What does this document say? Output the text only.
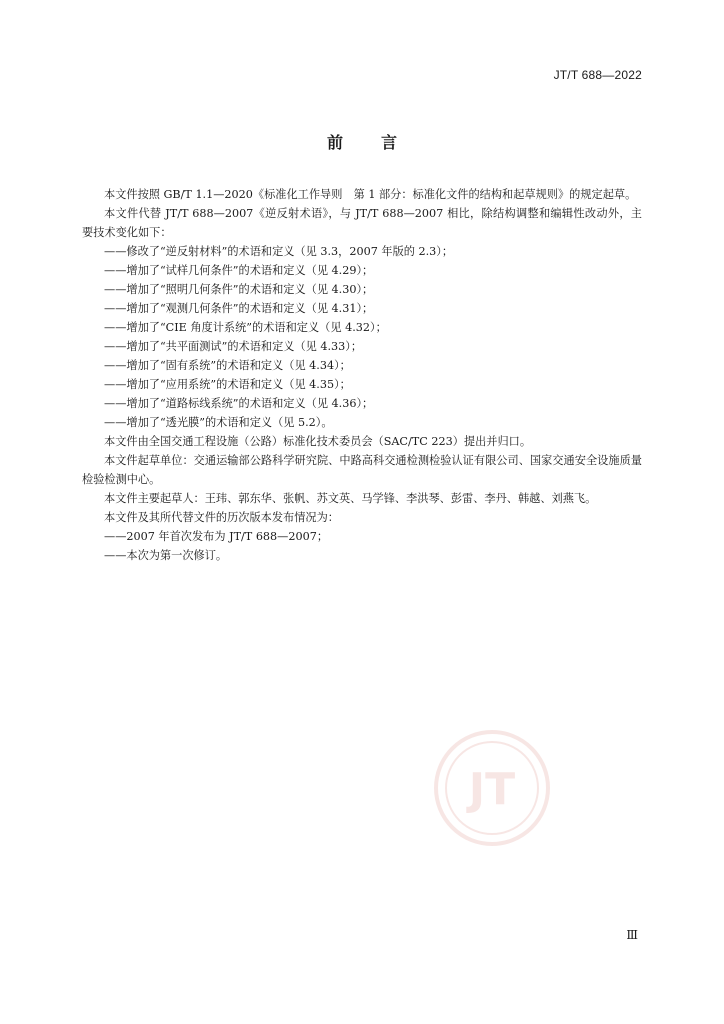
JT/T 688—2022
前 言

本文件按照 GB/T 1.1—2020《标准化工作导则　第 1 部分：标准化文件的结构和起草规则》的规定起草。

本文件代替 JT/T 688—2007《逆反射术语》，与 JT/T 688—2007 相比，除结构调整和编辑性改动外，主要技术变化如下：

——修改了“逆反射材料”的术语和定义（见 3.3，2007 年版的 2.3）；

——增加了“试样几何条件”的术语和定义（见 4.29）；

——增加了“照明几何条件”的术语和定义（见 4.30）；

——增加了“观测几何条件”的术语和定义（见 4.31）；

——增加了“CIE 角度计系统”的术语和定义（见 4.32）；

——增加了“共平面测试”的术语和定义（见 4.33）；

——增加了“固有系统”的术语和定义（见 4.34）；

——增加了“应用系统”的术语和定义（见 4.35）；

——增加了“道路标线系统”的术语和定义（见 4.36）；

——增加了“透光膜”的术语和定义（见 5.2）。

本文件由全国交通工程设施（公路）标准化技术委员会（SAC/TC 223）提出并归口。

本文件起草单位：交通运输部公路科学研究院、中路高科交通检测检验认证有限公司、国家交通安全设施质量检验检测中心。

本文件主要起草人：王玮、郭东华、张帆、苏文英、马学锋、李洪琴、彭雷、李丹、韩越、刘燕飞。

本文件及其所代替文件的历次版本发布情况为：

——2007 年首次发布为 JT/T 688—2007；

——本次为第一次修订。

JT
Ⅲ
